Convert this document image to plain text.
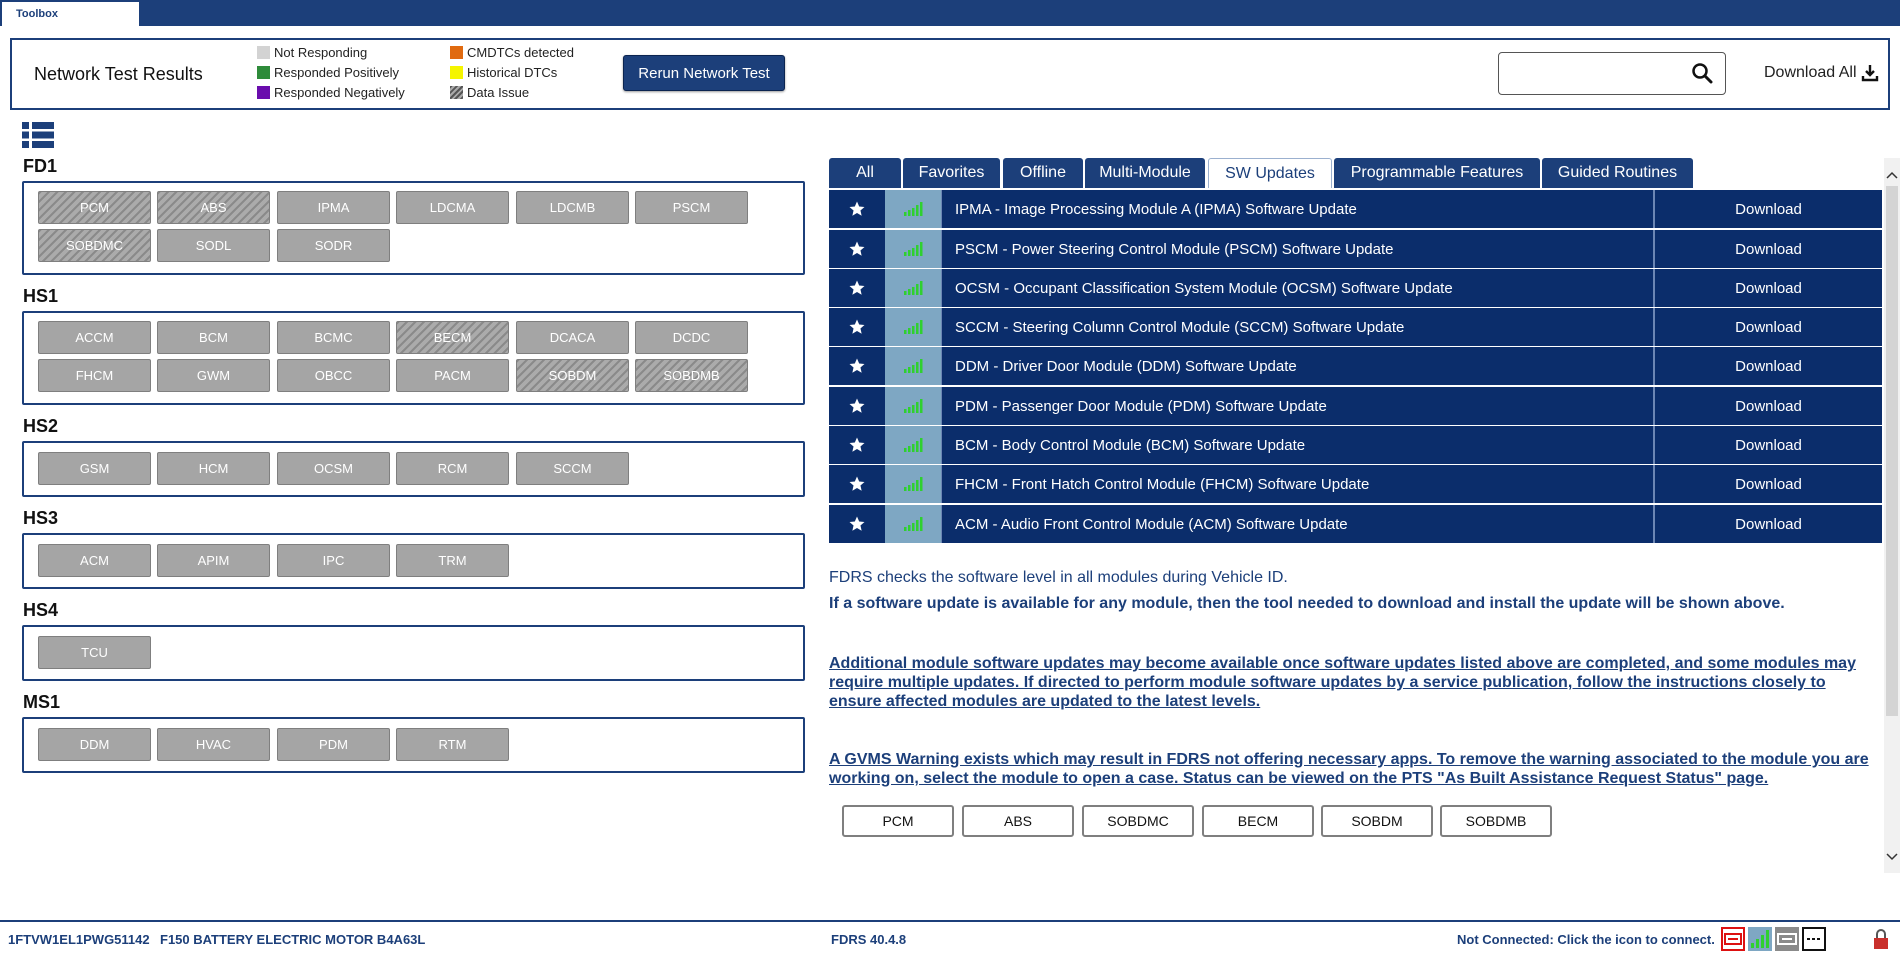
Toolbox
Network Test Results
Not Responding
Responded Positively
Responded Negatively
CMDTCs detected
Historical DTCs
Data Issue
Rerun Network Test	Download All
FD1
PCM	ABS	IPMA	LDCMA	LDCMB	PSCM
SOBDMC	SODL	SODR
HS1
ACCM	BCM	BCMC	BECM	DCACA	DCDC
FHCM	GWM	OBCC	PACM	SOBDM	SOBDMB
HS2
GSM	HCM	OCSM	RCM	SCCM
HS3
ACM	APIM	IPC	TRM
HS4
TCU
MS1
DDM	HVAC	PDM	RTM
All	Favorites	Offline	Multi-Module	SW Updates	Programmable Features	Guided Routines
IPMA - Image Processing Module A (IPMA) Software Update	Download
PSCM - Power Steering Control Module (PSCM) Software Update	Download
OCSM - Occupant Classification System Module (OCSM) Software Update	Download
SCCM - Steering Column Control Module (SCCM) Software Update	Download
DDM - Driver Door Module (DDM) Software Update	Download
PDM - Passenger Door Module (PDM) Software Update	Download
BCM - Body Control Module (BCM) Software Update	Download
FHCM - Front Hatch Control Module (FHCM) Software Update	Download
ACM - Audio Front Control Module (ACM) Software Update	Download
FDRS checks the software level in all modules during Vehicle ID.
If a software update is available for any module, then the tool needed to download and install the update will be shown above.
Additional module software updates may become available once software updates listed above are completed, and some modules may require multiple updates. If directed to perform module software updates by a service publication, follow the instructions closely to ensure affected modules are updated to the latest levels.
A GVMS Warning exists which may result in FDRS not offering necessary apps. To remove the warning associated to the module you are working on, select the module to open a case. Status can be viewed on the PTS "As Built Assistance Request Status" page.
PCM	ABS	SOBDMC	BECM	SOBDM	SOBDMB
1FTVW1EL1PWG51142 F150 BATTERY ELECTRIC MOTOR B4A63L	FDRS 40.4.8	Not Connected: Click the icon to connect.
